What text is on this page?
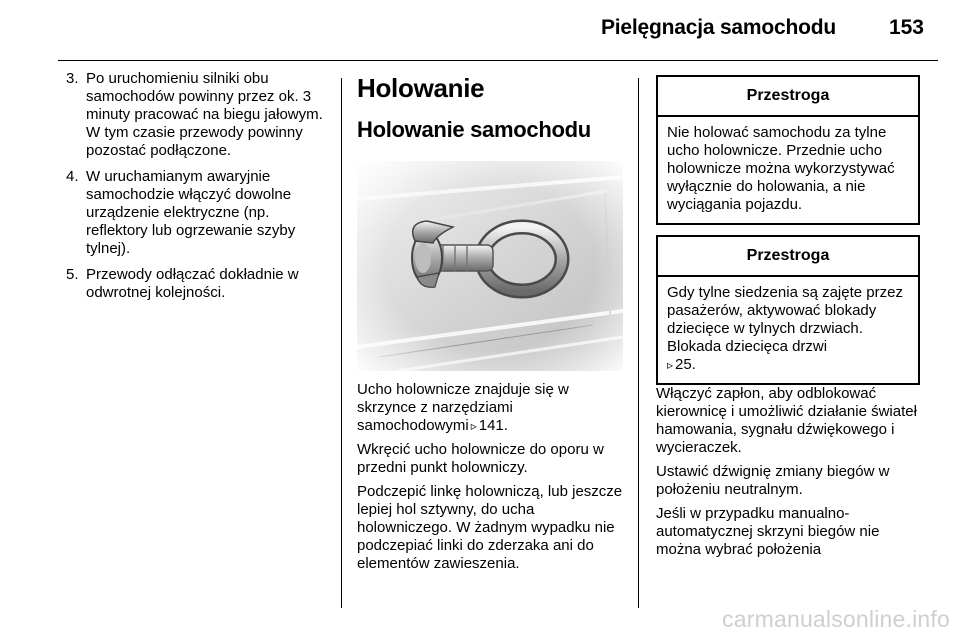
Pielęgnacja samochodu	153
3. Po uruchomieniu silniki obu samochodów powinny przez ok. 3 minuty pracować na biegu jałowym. W tym czasie przewody powinny pozostać podłączone.
4. W uruchamianym awaryjnie samochodzie włączyć dowolne urządzenie elektryczne (np. reflektory lub ogrzewanie szyby tylnej).
5. Przewody odłączać dokładnie w odwrotnej kolejności.
Holowanie
Holowanie samochodu

Ucho holownicze znajduje się w skrzynce z narzędziami samochodowymi ▹ 141.

Wkręcić ucho holownicze do oporu w przedni punkt holowniczy.

Podczepić linkę holowniczą, lub jeszcze lepiej hol sztywny, do ucha holowniczego. W żadnym wypadku nie podczepiać linki do zderzaka ani do elementów zawieszenia.

Przestroga
Nie holować samochodu za tylne ucho holownicze. Przednie ucho holownicze można wykorzystywać wyłącznie do holowania, a nie wyciągania pojazdu.
Przestroga
Gdy tylne siedzenia są zajęte przez pasażerów, aktywować blokady dziecięce w tylnych drzwiach. Blokada dziecięca drzwi
▹ 25.

Włączyć zapłon, aby odblokować kierownicę i umożliwić działanie świateł hamowania, sygnału dźwiękowego i wycieraczek.

Ustawić dźwignię zmiany biegów w położeniu neutralnym.

Jeśli w przypadku manualno-automatycznej skrzyni biegów nie można wybrać położenia

carmanualsonline.info
